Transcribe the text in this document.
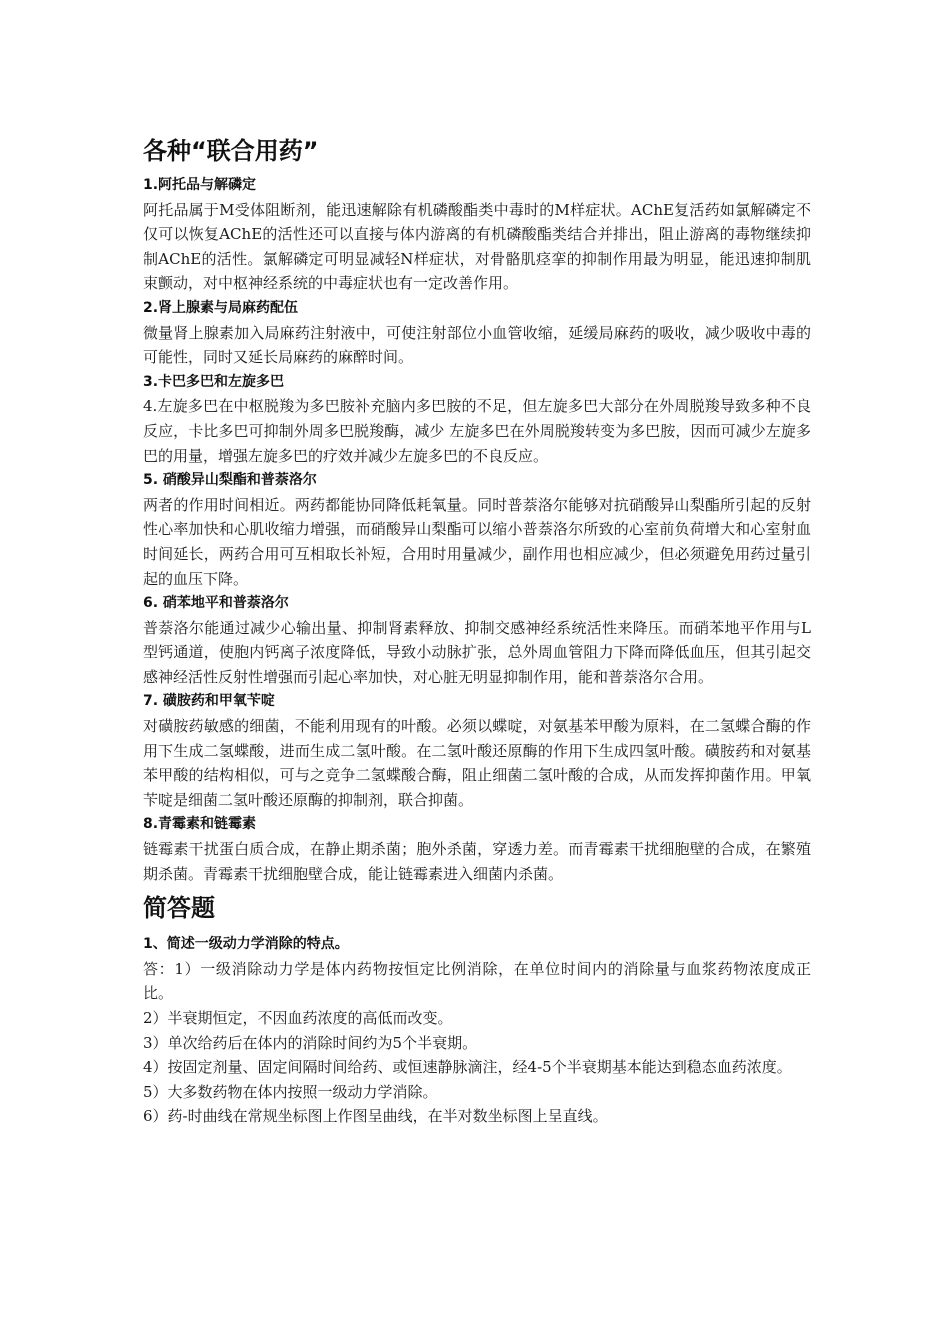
各种“联合用药”
1.阿托品与解磷定

阿托品属于M受体阻断剂，能迅速解除有机磷酸酯类中毒时的M样症状。AChE复活药如氯解磷定不仅可以恢复AChE的活性还可以直接与体内游离的有机磷酸酯类结合并排出，阻止游离的毒物继续抑制AChE的活性。氯解磷定可明显减轻N样症状，对骨骼肌痉挛的抑制作用最为明显，能迅速抑制肌束颤动，对中枢神经系统的中毒症状也有一定改善作用。

2.肾上腺素与局麻药配伍

微量肾上腺素加入局麻药注射液中，可使注射部位小血管收缩，延缓局麻药的吸收，减少吸收中毒的可能性，同时又延长局麻药的麻醉时间。

3.卡巴多巴和左旋多巴

4.左旋多巴在中枢脱羧为多巴胺补充脑内多巴胺的不足，但左旋多巴大部分在外周脱羧导致多种不良反应，卡比多巴可抑制外周多巴脱羧酶，减少 左旋多巴在外周脱羧转变为多巴胺，因而可减少左旋多巴的用量，增强左旋多巴的疗效并减少左旋多巴的不良反应。

5. 硝酸异山梨酯和普萘洛尔

两者的作用时间相近。两药都能协同降低耗氧量。同时普萘洛尔能够对抗硝酸异山梨酯所引起的反射性心率加快和心肌收缩力增强，而硝酸异山梨酯可以缩小普萘洛尔所致的心室前负荷增大和心室射血时间延长，两药合用可互相取长补短，合用时用量减少，副作用也相应减少，但必须避免用药过量引起的血压下降。

6. 硝苯地平和普萘洛尔

普萘洛尔能通过减少心输出量、抑制肾素释放、抑制交感神经系统活性来降压。而硝苯地平作用与L型钙通道，使胞内钙离子浓度降低，导致小动脉扩张，总外周血管阻力下降而降低血压，但其引起交感神经活性反射性增强而引起心率加快，对心脏无明显抑制作用，能和普萘洛尔合用。

7. 磺胺药和甲氧苄啶

对磺胺药敏感的细菌，不能利用现有的叶酸。必须以蝶啶，对氨基苯甲酸为原料，在二氢蝶合酶的作用下生成二氢蝶酸，进而生成二氢叶酸。在二氢叶酸还原酶的作用下生成四氢叶酸。磺胺药和对氨基苯甲酸的结构相似，可与之竞争二氢蝶酸合酶，阻止细菌二氢叶酸的合成，从而发挥抑菌作用。甲氧苄啶是细菌二氢叶酸还原酶的抑制剂，联合抑菌。

8.青霉素和链霉素

链霉素干扰蛋白质合成，在静止期杀菌；胞外杀菌，穿透力差。而青霉素干扰细胞壁的合成，在繁殖期杀菌。青霉素干扰细胞壁合成，能让链霉素进入细菌内杀菌。

简答题
1、简述一级动力学消除的特点。

答：1）一级消除动力学是体内药物按恒定比例消除，在单位时间内的消除量与血浆药物浓度成正比。

2）半衰期恒定，不因血药浓度的高低而改变。

3）单次给药后在体内的消除时间约为5个半衰期。

4）按固定剂量、固定间隔时间给药、或恒速静脉滴注，经4-5个半衰期基本能达到稳态血药浓度。

5）大多数药物在体内按照一级动力学消除。

6）药-时曲线在常规坐标图上作图呈曲线，在半对数坐标图上呈直线。
